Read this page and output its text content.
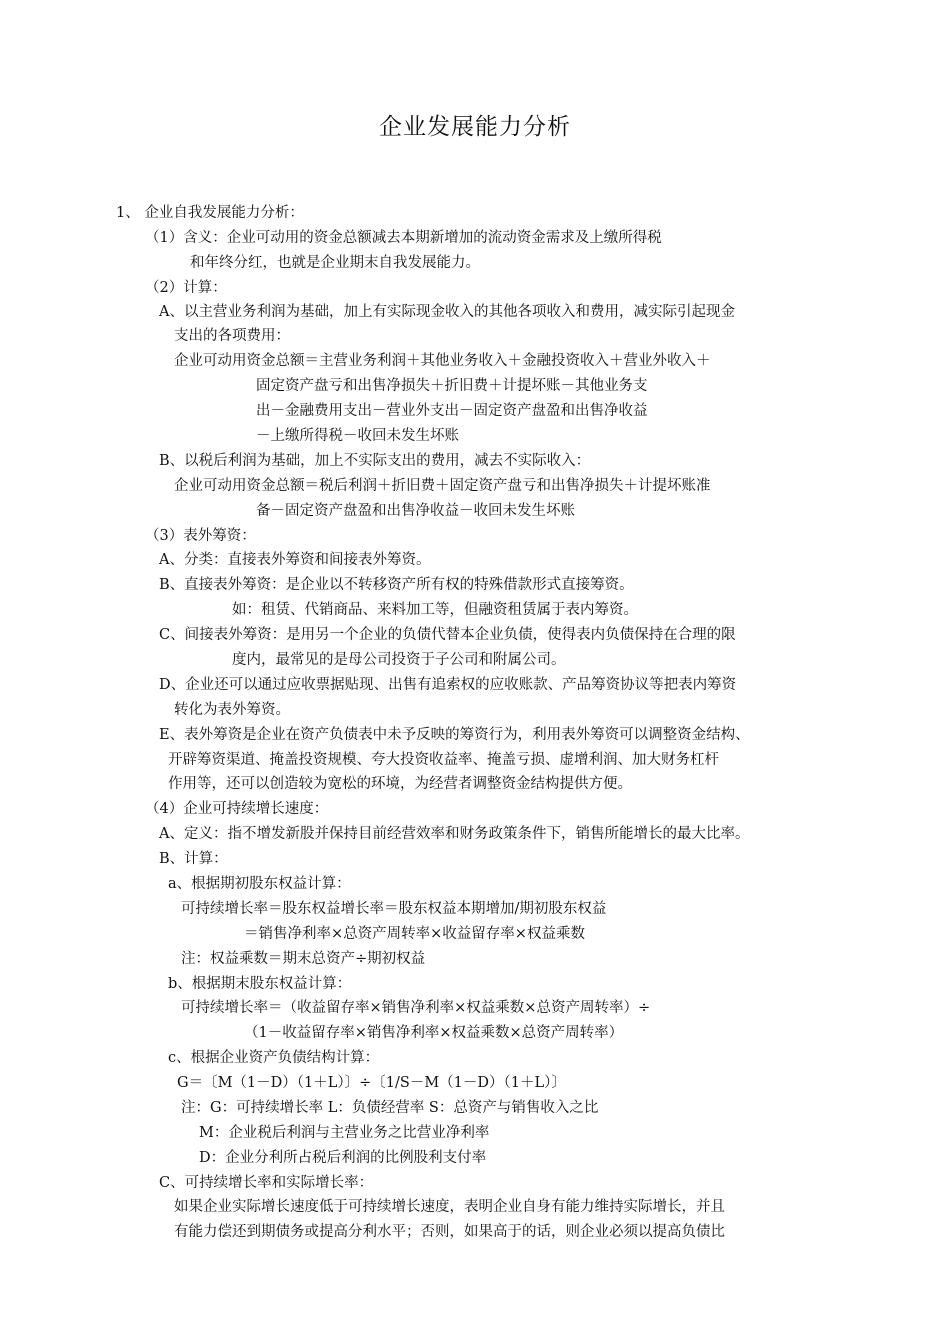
企业发展能力分析
1、 企业自我发展能力分析：
（1）含义：企业可动用的资金总额减去本期新增加的流动资金需求及上缴所得税
和年终分红，也就是企业期末自我发展能力。
（2）计算：
A、以主营业务利润为基础，加上有实际现金收入的其他各项收入和费用，减实际引起现金
支出的各项费用：
企业可动用资金总额＝主营业务利润＋其他业务收入＋金融投资收入＋营业外收入＋
固定资产盘亏和出售净损失＋折旧费＋计提坏账－其他业务支
出－金融费用支出－营业外支出－固定资产盘盈和出售净收益
－上缴所得税－收回未发生坏账
B、以税后利润为基础，加上不实际支出的费用，减去不实际收入：
企业可动用资金总额＝税后利润＋折旧费＋固定资产盘亏和出售净损失＋计提坏账准
备－固定资产盘盈和出售净收益－收回未发生坏账
（3）表外筹资：
A、分类：直接表外筹资和间接表外筹资。
B、直接表外筹资：是企业以不转移资产所有权的特殊借款形式直接筹资。
如：租赁、代销商品、来料加工等，但融资租赁属于表内筹资。
C、间接表外筹资：是用另一个企业的负债代替本企业负债，使得表内负债保持在合理的限
度内，最常见的是母公司投资于子公司和附属公司。
D、企业还可以通过应收票据贴现、出售有追索权的应收账款、产品筹资协议等把表内筹资
转化为表外筹资。
E、表外筹资是企业在资产负债表中未予反映的筹资行为，利用表外筹资可以调整资金结构、
开辟筹资渠道、掩盖投资规模、夸大投资收益率、掩盖亏损、虚增利润、加大财务杠杆
作用等，还可以创造较为宽松的环境，为经营者调整资金结构提供方便。
（4）企业可持续增长速度：
A、定义：指不增发新股并保持目前经营效率和财务政策条件下，销售所能增长的最大比率。
B、计算：
a、根据期初股东权益计算：
可持续增长率＝股东权益增长率＝股东权益本期增加/期初股东权益
＝销售净利率×总资产周转率×收益留存率×权益乘数
注：权益乘数＝期末总资产÷期初权益
b、根据期末股东权益计算：
可持续增长率＝（收益留存率×销售净利率×权益乘数×总资产周转率）÷
（1－收益留存率×销售净利率×权益乘数×总资产周转率）
c、根据企业资产负债结构计算：
G＝〔M（1－D）（1＋L）〕÷〔1/S－M（1－D）（1＋L）〕
注：G：可持续增长率 L：负债经营率 S：总资产与销售收入之比
M：企业税后利润与主营业务之比营业净利率
D：企业分利所占税后利润的比例股利支付率
C、可持续增长率和实际增长率：
如果企业实际增长速度低于可持续增长速度，表明企业自身有能力维持实际增长，并且
有能力偿还到期债务或提高分利水平；否则，如果高于的话，则企业必须以提高负债比
